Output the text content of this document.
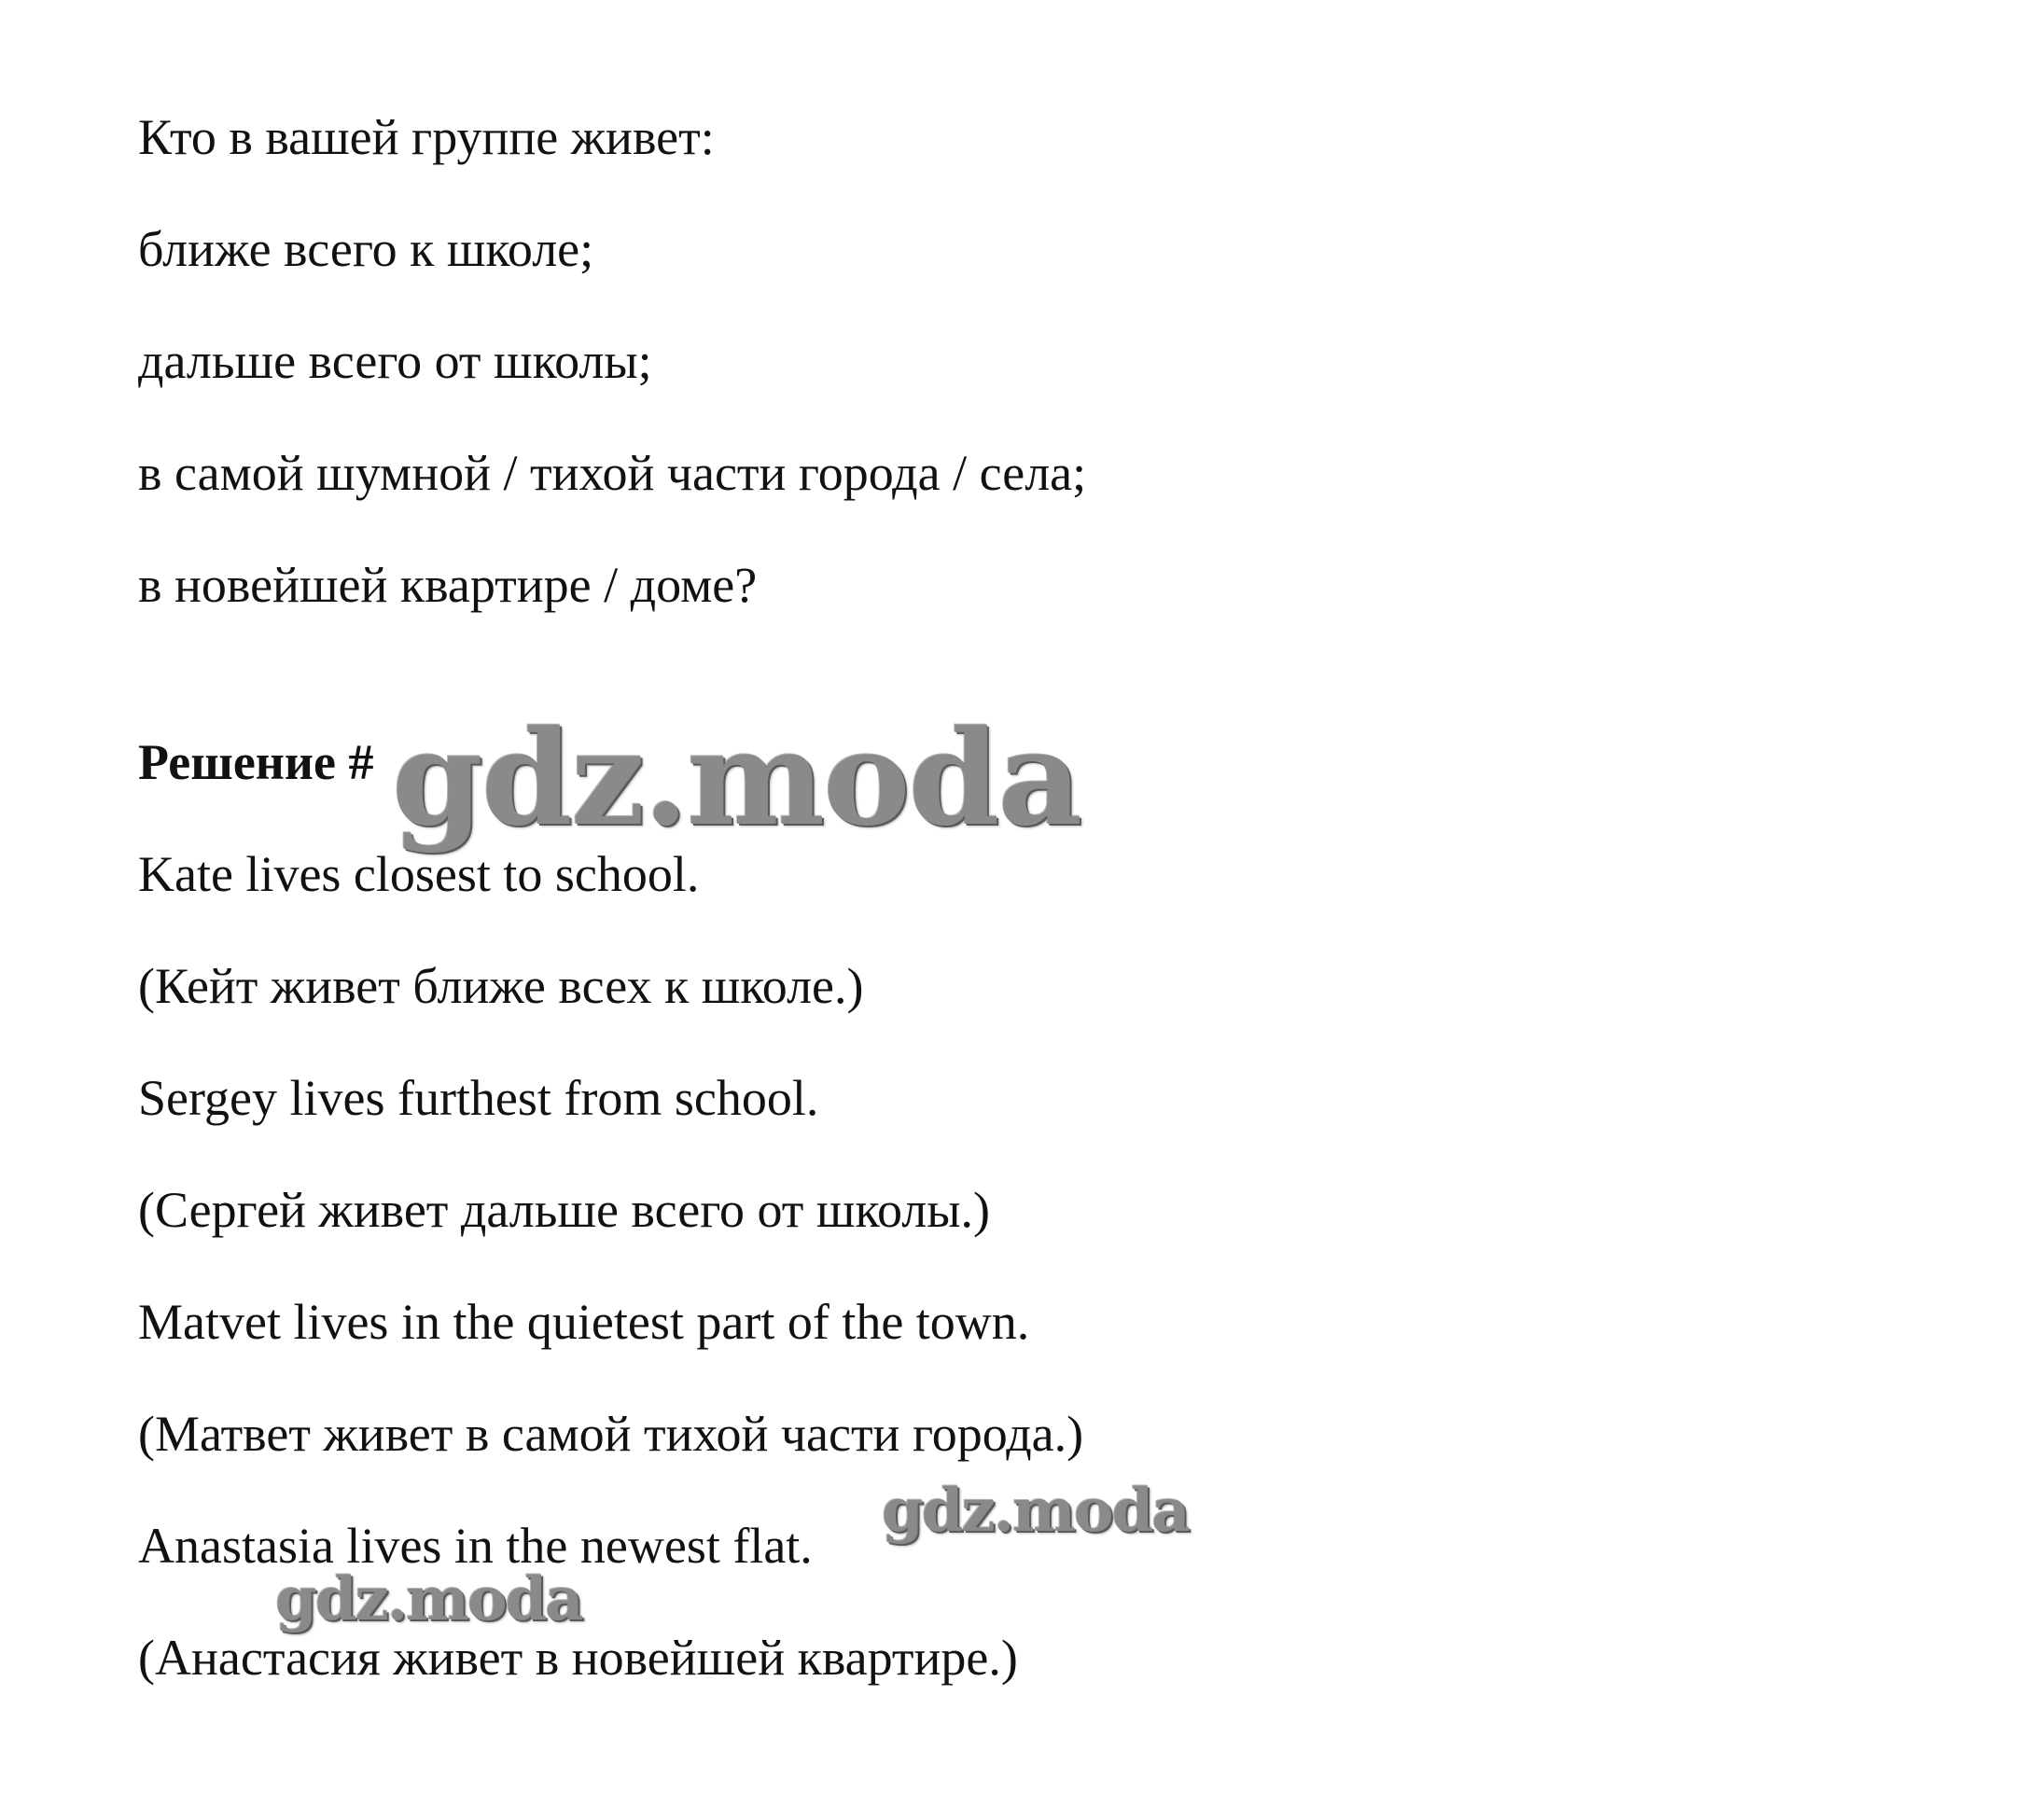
Кто в вашей группе живет:
ближе всего к школе;
дальше всего от школы;
в самой шумной / тихой части города / села;
в новейшей квартире / доме?
Решение #
Kate lives closest to school.
(Кейт живет ближе всех к школе.)
Sergey lives furthest from school.
(Сергей живет дальше всего от школы.)
Matvet lives in the quietest part of the town.
(Матвет живет в самой тихой части города.)
Anastasia lives in the newest flat.
(Анастасия живет в новейшей квартире.)
gdz.moda
gdz.moda
gdz.moda
